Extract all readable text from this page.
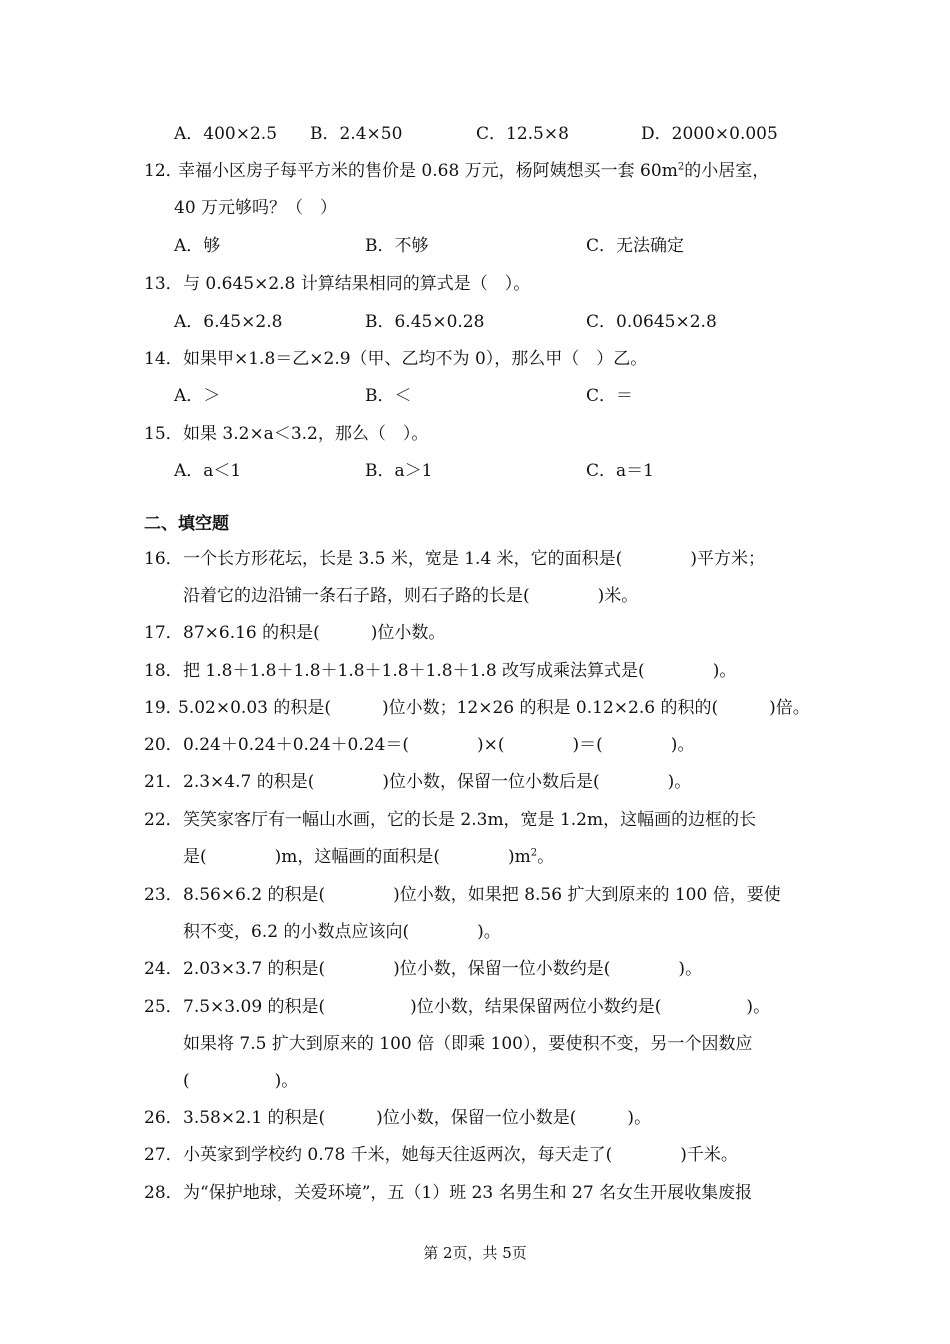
A．400×2.5 B．2.4×50	C．12.5×8	D．2000×0.005
12．
幸福小区房子每平方米的售价是 0.68 万元，杨阿姨想买一套 $60m^2$的小居室，
40 万元够吗？（　）
A．够	B．不够	C．无法确定
13． 与 0.645×2.8 计算结果相同的算式是（　）。
A．6.45×2.8	B．6.45×0.28	C．0.0645×2.8
14． 如果甲×1.8＝乙×2.9（甲、乙均不为 0），那么甲（　）乙。
A．＞	B．＜	C．＝
15． 如果 3.2×a＜3.2，那么（　）。
A．a＜1	B．a＞1	C．a＝1
二、填空题
16． 一个长方形花坛，长是 3.5 米，宽是 1.4 米，它的面积是(　　　　)平方米；
沿着它的边沿铺一条石子路，则石子路的长是(　　　　)米。
17． 87×6.16 的积是(　　　)位小数。
18． 把 1.8＋1.8＋1.8＋1.8＋1.8＋1.8＋1.8 改写成乘法算式是(　　　　)。
19．
5.02×0.03 的积是(　　　)位小数；12×26 的积是 0.12×2.6 的积的(　　　)倍。
20． 0.24＋0.24＋0.24＋0.24＝(　　　　)×(　　　　)＝(　　　　)。
21． 2.3×4.7 的积是(　　　　)位小数，保留一位小数后是(　　　　)。
22． 笑笑家客厅有一幅山水画，它的长是 2.3m，宽是 1.2m，这幅画的边框的长
是(　　　　)m，这幅画的面积是(　　　　)$m^2$。
23． 8.56×6.2 的积是(　　　　)位小数，如果把 8.56 扩大到原来的 100 倍，要使
积不变，6.2 的小数点应该向(　　　　)。
24． 2.03×3.7 的积是(　　　　)位小数，保留一位小数约是(　　　　)。
25． 7.5×3.09 的积是(　　　　　)位小数，结果保留两位小数约是(　　　　　)。
如果将 7.5 扩大到原来的 100 倍（即乘 100），要使积不变，另一个因数应
(　　　　　)。
26． 3.58×2.1 的积是(　　　)位小数，保留一位小数是(　　　)。
27． 小英家到学校约 0.78 千米，她每天往返两次，每天走了(　　　　)千米。
28． 为“保护地球，关爱环境”，五（1）班 23 名男生和 27 名女生开展收集废报
第 2页，共 5页
